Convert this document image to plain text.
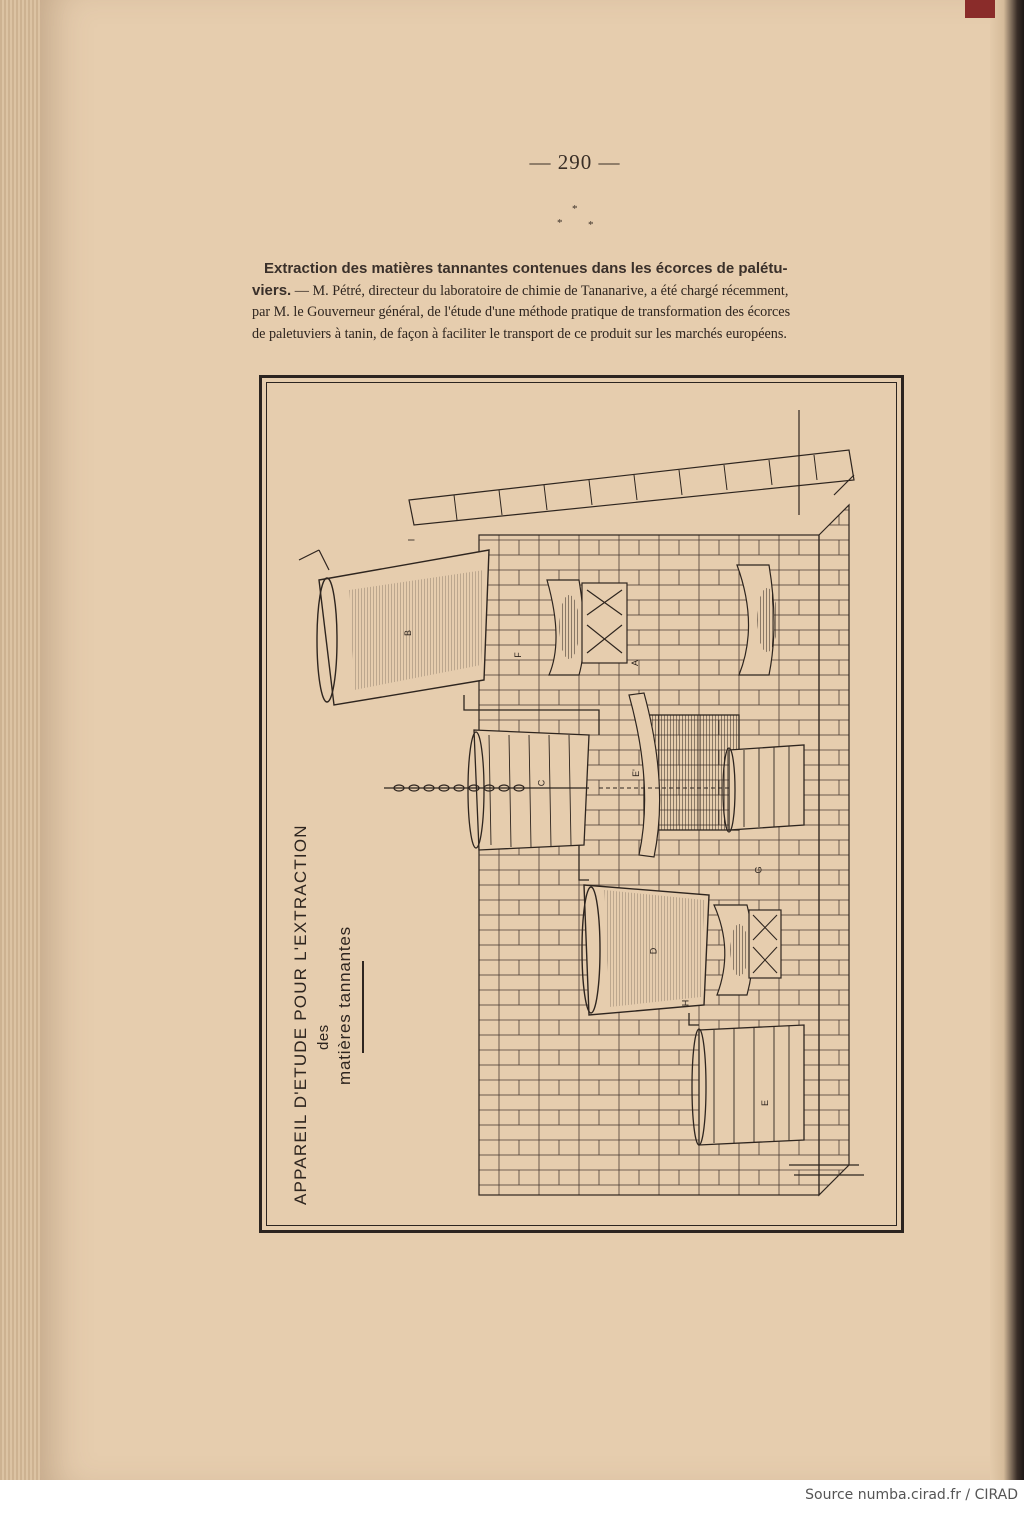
— 290 —
*
* *
Extraction des matières tannantes contenues dans les écorces de palétu-
viers. — M. Pétré, directeur du laboratoire de chimie de Tananarive, a été chargé récemment,
par M. le Gouverneur général, de l'étude d'une méthode pratique de transformation des écorces
de paletuviers à tanin, de façon à faciliter le transport de ce produit sur les marchés européens.
B
I
F
A
C
E'
G
D
H
E
APPAREIL D'ETUDE POUR L'EXTRACTION des matières tannantes
Source numba.cirad.fr / CIRAD
